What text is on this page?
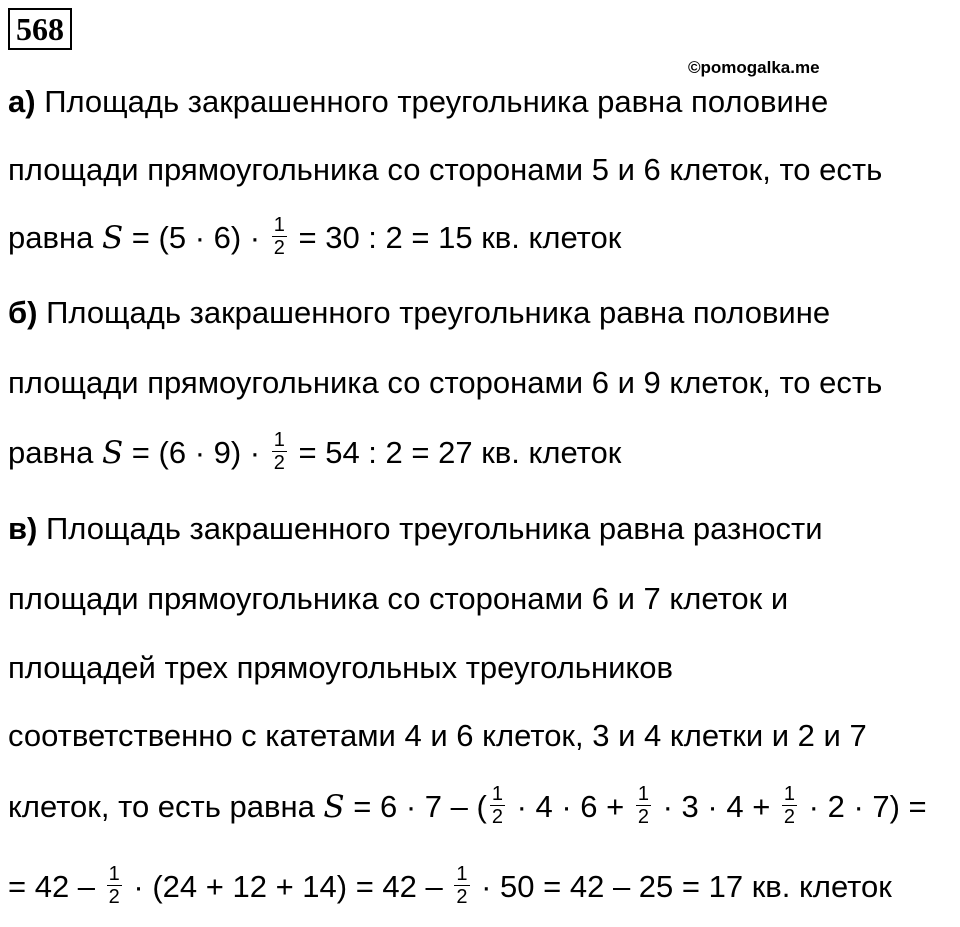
568
©pomogalka.me
а) Площадь закрашенного треугольника равна половине
площади прямоугольника со сторонами 5 и 6 клеток, то есть
равна $S = (5 \cdot 6) \cdot \frac{1}{2} = 30$ : 2 = 15 кв. клеток
б) Площадь закрашенного треугольника равна половине
площади прямоугольника со сторонами 6 и 9 клеток, то есть
равна $S = (6 \cdot 9) \cdot \frac{1}{2} = 54$ : 2 = 27 кв. клеток
в) Площадь закрашенного треугольника равна разности
площади прямоугольника со сторонами 6 и 7 клеток и
площадей трех прямоугольных треугольников
соответственно с катетами 4 и 6 клеток, 3 и 4 клетки и 2 и 7
клеток, то есть равна S = 6 · 7 – ( $\frac{1}{2} \cdot 4 \cdot 6 + \frac{1}{2} \cdot 3 \cdot 4 + \frac{1}{2} \cdot 2 \cdot 7$) =
= $42 - \frac{1}{2} \cdot (24 + 12 + 14) = 42 - \frac{1}{2} \cdot 50 = 42 - 25 = 17$ кв. клеток
